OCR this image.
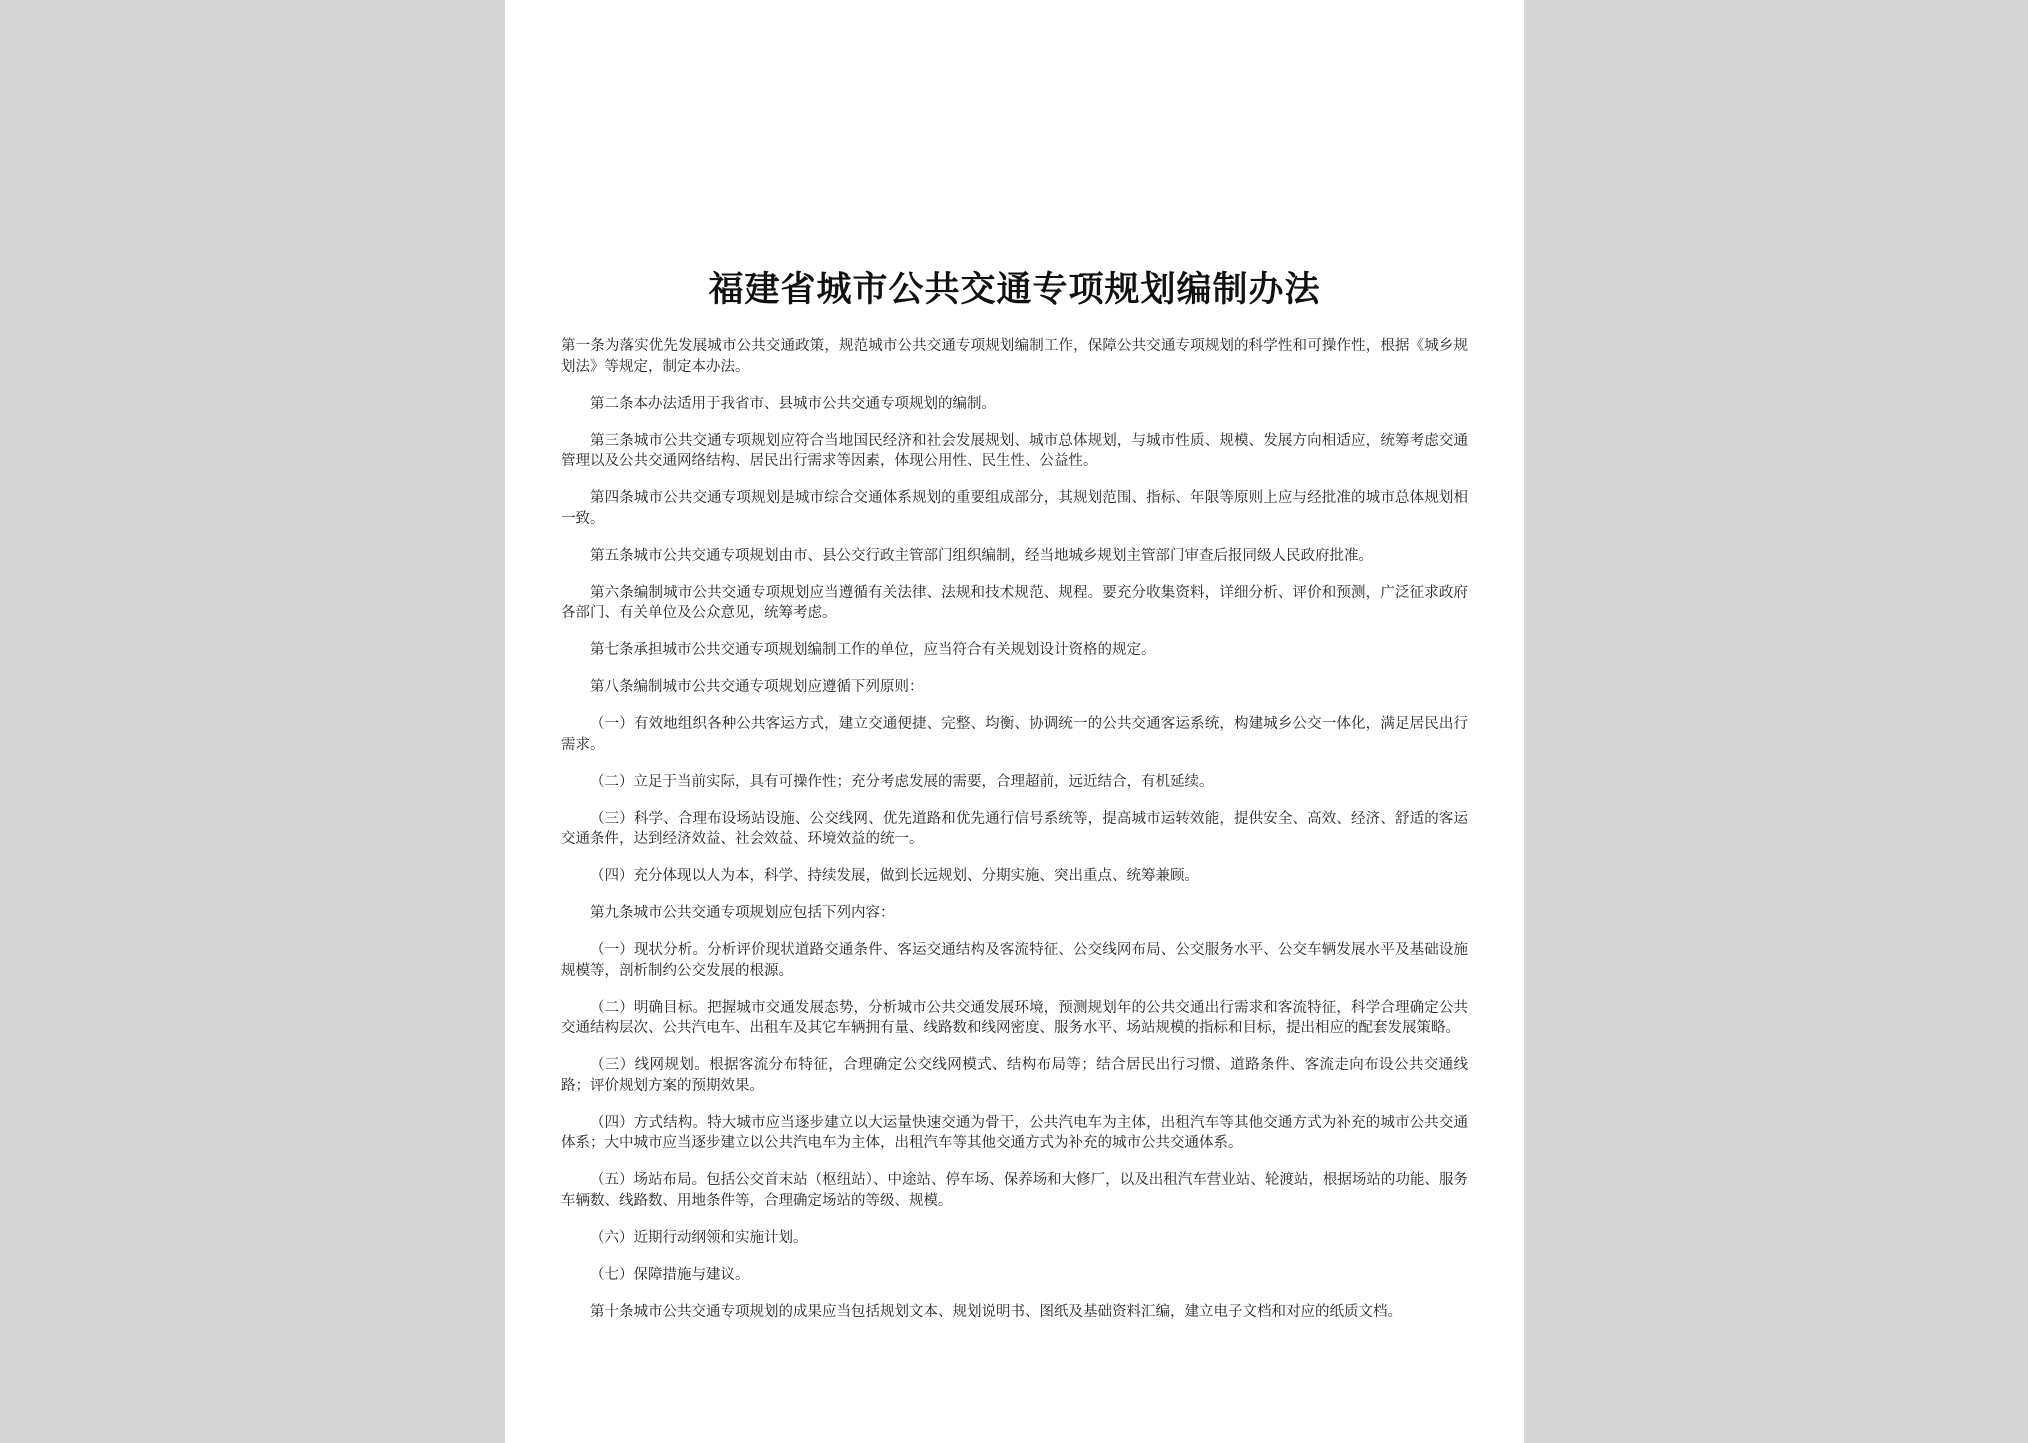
福建省城市公共交通专项规划编制办法

第一条为落实优先发展城市公共交通政策，规范城市公共交通专项规划编制工作，保障公共交通专项规划的科学性和可操作性，根据《城乡规划法》等规定，制定本办法。

第二条本办法适用于我省市、县城市公共交通专项规划的编制。

第三条城市公共交通专项规划应符合当地国民经济和社会发展规划、城市总体规划，与城市性质、规模、发展方向相适应，统筹考虑交通管理以及公共交通网络结构、居民出行需求等因素，体现公用性、民生性、公益性。

第四条城市公共交通专项规划是城市综合交通体系规划的重要组成部分，其规划范围、指标、年限等原则上应与经批准的城市总体规划相一致。

第五条城市公共交通专项规划由市、县公交行政主管部门组织编制，经当地城乡规划主管部门审查后报同级人民政府批准。

第六条编制城市公共交通专项规划应当遵循有关法律、法规和技术规范、规程。要充分收集资料，详细分析、评价和预测，广泛征求政府各部门、有关单位及公众意见，统筹考虑。

第七条承担城市公共交通专项规划编制工作的单位，应当符合有关规划设计资格的规定。

第八条编制城市公共交通专项规划应遵循下列原则：

（一）有效地组织各种公共客运方式，建立交通便捷、完整、均衡、协调统一的公共交通客运系统，构建城乡公交一体化，满足居民出行需求。

（二）立足于当前实际，具有可操作性；充分考虑发展的需要，合理超前，远近结合，有机延续。

（三）科学、合理布设场站设施、公交线网、优先道路和优先通行信号系统等，提高城市运转效能，提供安全、高效、经济、舒适的客运交通条件，达到经济效益、社会效益、环境效益的统一。

（四）充分体现以人为本，科学、持续发展，做到长远规划、分期实施、突出重点、统筹兼顾。

第九条城市公共交通专项规划应包括下列内容：

（一）现状分析。分析评价现状道路交通条件、客运交通结构及客流特征、公交线网布局、公交服务水平、公交车辆发展水平及基础设施规模等，剖析制约公交发展的根源。

（二）明确目标。把握城市交通发展态势，分析城市公共交通发展环境，预测规划年的公共交通出行需求和客流特征，科学合理确定公共交通结构层次、公共汽电车、出租车及其它车辆拥有量、线路数和线网密度、服务水平、场站规模的指标和目标，提出相应的配套发展策略。

（三）线网规划。根据客流分布特征，合理确定公交线网模式、结构布局等；结合居民出行习惯、道路条件、客流走向布设公共交通线路；评价规划方案的预期效果。

（四）方式结构。特大城市应当逐步建立以大运量快速交通为骨干，公共汽电车为主体，出租汽车等其他交通方式为补充的城市公共交通体系；大中城市应当逐步建立以公共汽电车为主体，出租汽车等其他交通方式为补充的城市公共交通体系。

（五）场站布局。包括公交首末站（枢纽站）、中途站、停车场、保养场和大修厂，以及出租汽车营业站、轮渡站，根据场站的功能、服务车辆数、线路数、用地条件等，合理确定场站的等级、规模。

（六）近期行动纲领和实施计划。

（七）保障措施与建议。

第十条城市公共交通专项规划的成果应当包括规划文本、规划说明书、图纸及基础资料汇编，建立电子文档和对应的纸质文档。
